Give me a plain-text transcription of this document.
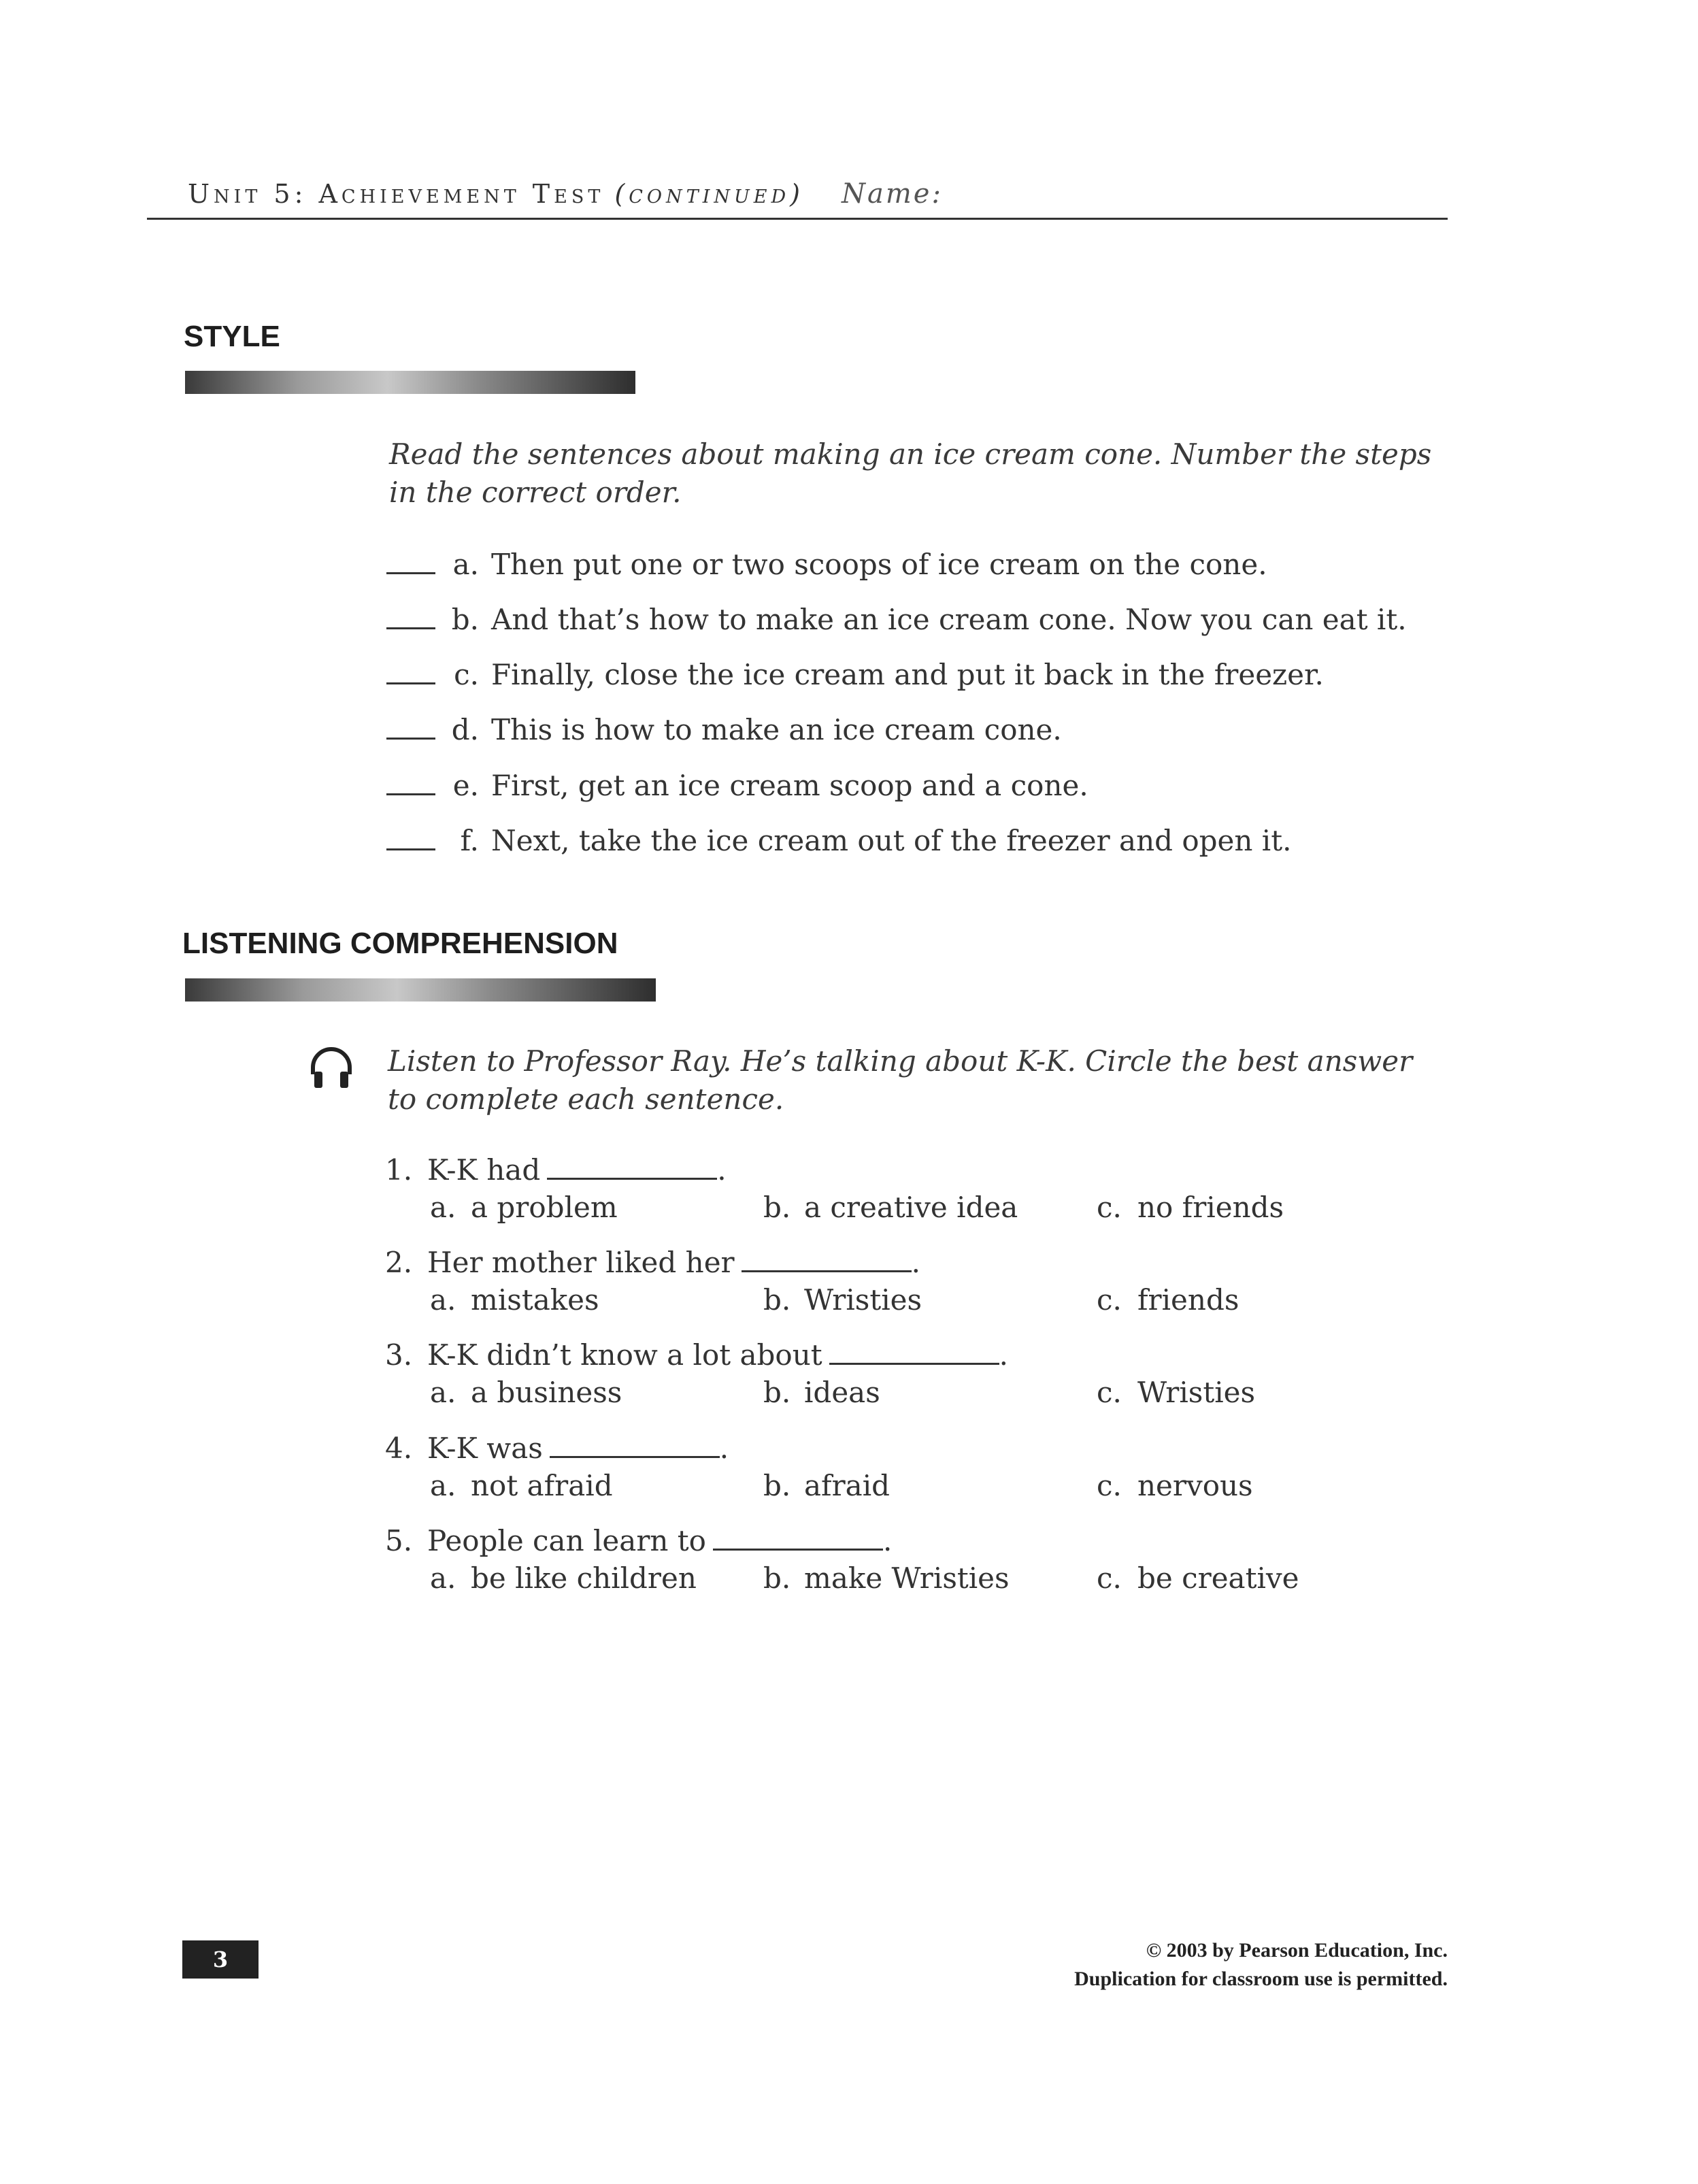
Unit 5: Achievement Test (continued) Name:
STYLE
Read the sentences about making an ice cream cone. Number the steps in the correct order.
a. Then put one or two scoops of ice cream on the cone.
b. And that’s how to make an ice cream cone. Now you can eat it.
c. Finally, close the ice cream and put it back in the freezer.
d. This is how to make an ice cream cone.
e. First, get an ice cream scoop and a cone.
f. Next, take the ice cream out of the freezer and open it.
LISTENING COMPREHENSION
Listen to Professor Ray. He’s talking about K-K. Circle the best answer to complete each sentence.
1. K-K had	.
a. a problem	b. a creative idea	c. no friends
2. Her mother liked her	.
a. mistakes	b. Wristies	c. friends
3. K-K didn’t know a lot about	.
a. a business	b. ideas	c. Wristies
4. K-K was	.
a. not afraid	b. afraid	c. nervous
5. People can learn to	.
a. be like children b. make Wristies	c. be creative
3	© 2003 by Pearson Education, Inc.
Duplication for classroom use is permitted.
